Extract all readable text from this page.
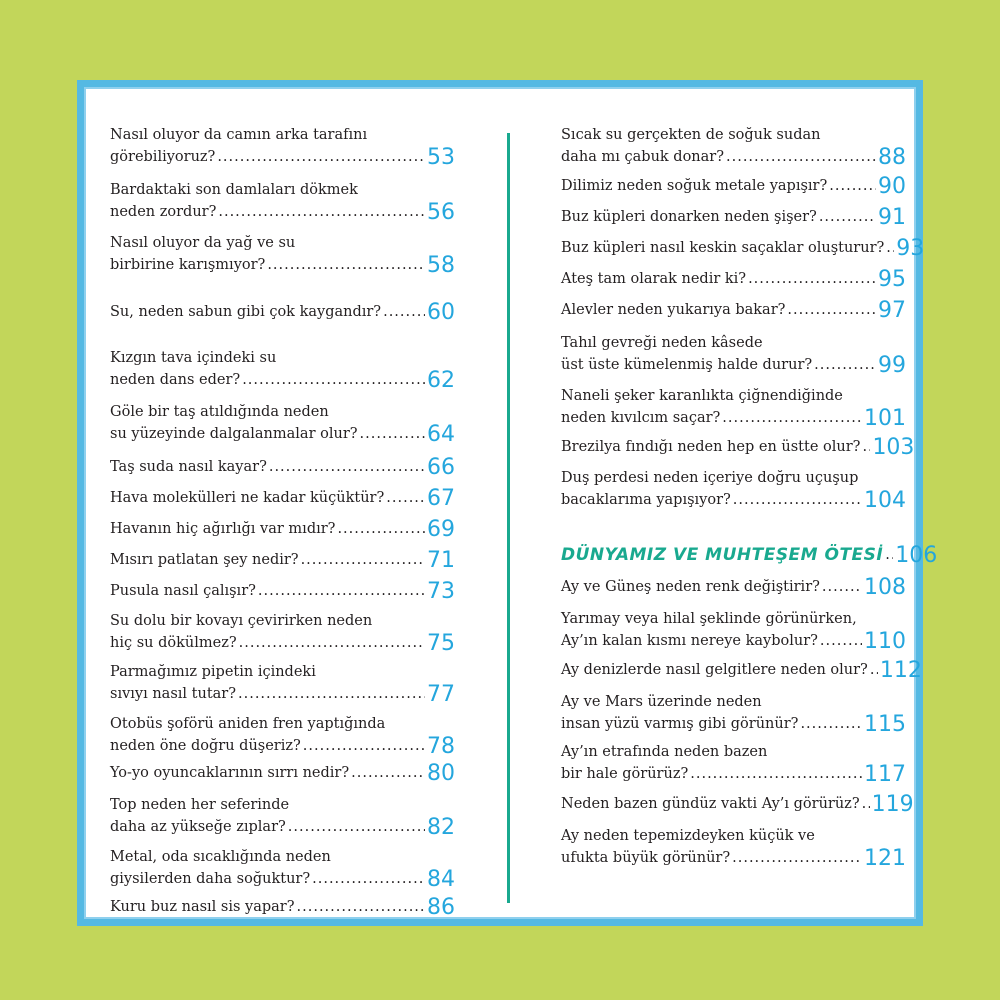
Nasıl oluyor da camın arka tarafını
görebiliyoruz? .....	53
Bardaktaki son damlaları dökmek
neden zordur? .....	56
Nasıl oluyor da yağ ve su
birbirine karışmıyor? .....	58
Su, neden sabun gibi çok kaygandır? ..... 60
Kızgın tava içindeki su
neden dans eder? .....	62
Göle bir taş atıldığında neden
su yüzeyinde dalgalanmalar olur? .....	64
Taş suda nasıl kayar? .....	66
Hava molekülleri ne kadar küçüktür? ..... 67
Havanın hiç ağırlığı var mıdır? .....	69
Mısırı patlatan şey nedir? .....	71
Pusula nasıl çalışır? .....	73
Su dolu bir kovayı çevirirken neden
hiç su dökülmez? .....	75
Parmağımız pipetin içindeki
sıvıyı nasıl tutar? .....	77
Otobüs şoförü aniden fren yaptığında
neden öne doğru düşeriz? .....	78
Yo-yo oyuncaklarının sırrı nedir? .....	80
Top neden her seferinde
daha az yükseğe zıplar? .....	82
Metal, oda sıcaklığında neden
giysilerden daha soğuktur? .....	84
Kuru buz nasıl sis yapar? .....	86
Sıcak su gerçekten de soğuk sudan
daha mı çabuk donar? .....	88
Dilimiz neden soğuk metale yapışır? ..... 90
Buz küpleri donarken neden şişer? .....	91
Buz küpleri nasıl keskin saçaklar oluşturur? ..... 93
Ateş tam olarak nedir ki? .....	95
Alevler neden yukarıya bakar? .....	97
Tahıl gevreği neden kâsede
üst üste kümelenmiş halde durur? .....	99
Naneli şeker karanlıkta çiğnendiğinde
neden kıvılcım saçar? .....	101
Brezilya fındığı neden hep en üstte olur? ..... 103
Duş perdesi neden içeriye doğru uçuşup
bacaklarıma yapışıyor? .....	104
DÜNYAMIZ VE MUHTEŞEM ÖTESİ ..... 106
Ay ve Güneş neden renk değiştirir? ..... 108
Yarımay veya hilal şeklinde görünürken,
Ay’ın kalan kısmı nereye kaybolur? ..... 110
Ay denizlerde nasıl gelgitlere neden olur? ..... 112
Ay ve Mars üzerinde neden
insan yüzü varmış gibi görünür? .....	115
Ay’ın etrafında neden bazen
bir hale görürüz? .....	117
Neden bazen gündüz vakti Ay’ı görürüz? ..... 119
Ay neden tepemizdeyken küçük ve
ufukta büyük görünür? .....	121
